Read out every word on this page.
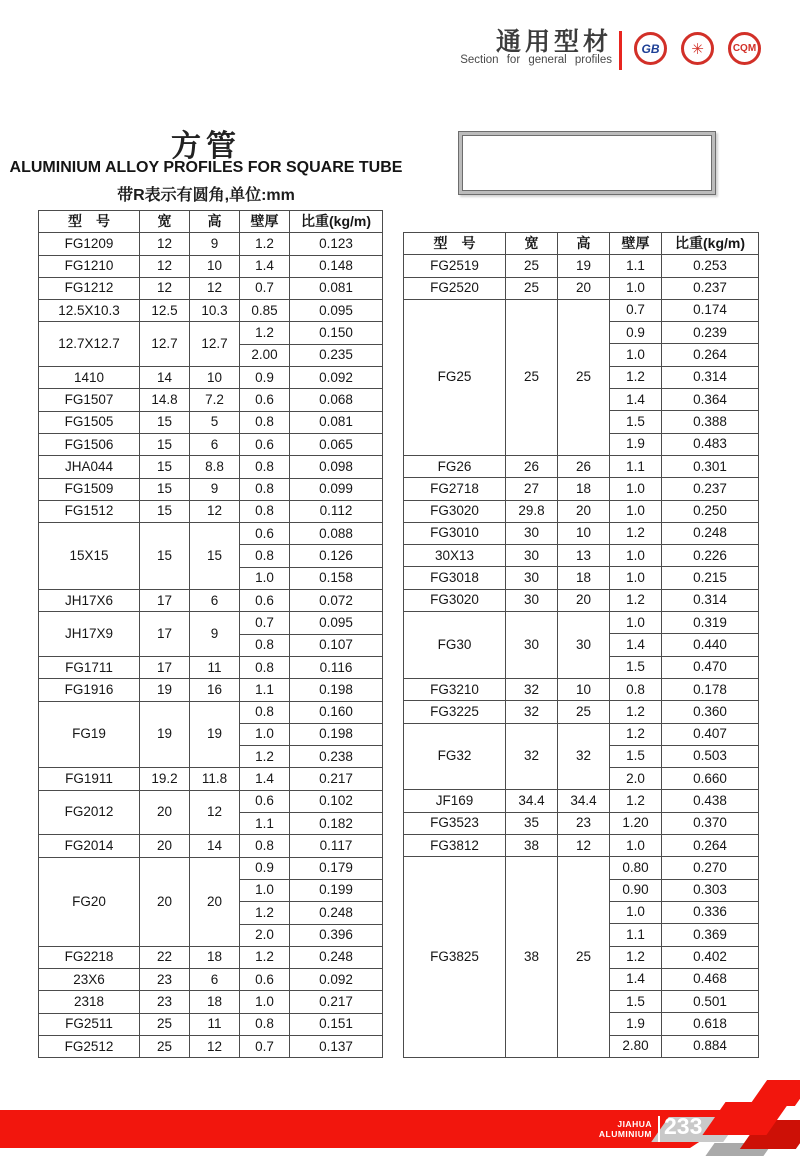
通用型材
Section for general profiles
GB	✳	CQM
方管
ALUMINIUM ALLOY PROFILES FOR SQUARE TUBE
带R表示有圆角,单位:mm
型　号	宽	高	壁厚	比重(kg/m)
FG1209	12	9	1.2	0.123
FG1210	12	10	1.4	0.148
FG1212	12	12	0.7	0.081
12.5X10.3	12.5	10.3	0.85	0.095
12.7X12.7	12.7	12.7	1.2	0.150
			2.00	0.235
1410	14	10	0.9	0.092
FG1507	14.8	7.2	0.6	0.068
FG1505	15	5	0.8	0.081
FG1506	15	6	0.6	0.065
JHA044	15	8.8	0.8	0.098
FG1509	15	9	0.8	0.099
FG1512	15	12	0.8	0.112
15X15	15	15	0.6	0.088
			0.8	0.126
			1.0	0.158
JH17X6	17	6	0.6	0.072
JH17X9	17	9	0.7	0.095
			0.8	0.107
FG1711	17	11	0.8	0.116
FG1916	19	16	1.1	0.198
FG19	19	19	0.8	0.160
			1.0	0.198
			1.2	0.238
FG1911	19.2	11.8	1.4	0.217
FG2012	20	12	0.6	0.102
			1.1	0.182
FG2014	20	14	0.8	0.117
FG20	20	20	0.9	0.179
			1.0	0.199
			1.2	0.248
			2.0	0.396
FG2218	22	18	1.2	0.248
23X6	23	6	0.6	0.092
2318	23	18	1.0	0.217
FG2511	25	11	0.8	0.151
FG2512	25	12	0.7	0.137
型　号	宽	高	壁厚	比重(kg/m)
FG2519	25	19	1.1	0.253
FG2520	25	20	1.0	0.237
FG25	25	25	0.7	0.174
			0.9	0.239
			1.0	0.264
			1.2	0.314
			1.4	0.364
			1.5	0.388
			1.9	0.483
FG26	26	26	1.1	0.301
FG2718	27	18	1.0	0.237
FG3020	29.8	20	1.0	0.250
FG3010	30	10	1.2	0.248
30X13	30	13	1.0	0.226
FG3018	30	18	1.0	0.215
FG3020	30	20	1.2	0.314
FG30	30	30	1.0	0.319
			1.4	0.440
			1.5	0.470
FG3210	32	10	0.8	0.178
FG3225	32	25	1.2	0.360
FG32	32	32	1.2	0.407
			1.5	0.503
			2.0	0.660
JF169	34.4	34.4	1.2	0.438
FG3523	35	23	1.20	0.370
FG3812	38	12	1.0	0.264
FG3825	38	25	0.80	0.270
			0.90	0.303
			1.0	0.336
			1.1	0.369
			1.2	0.402
			1.4	0.468
			1.5	0.501
			1.9	0.618
			2.80	0.884
JIAHUA
ALUMINIUM 233
